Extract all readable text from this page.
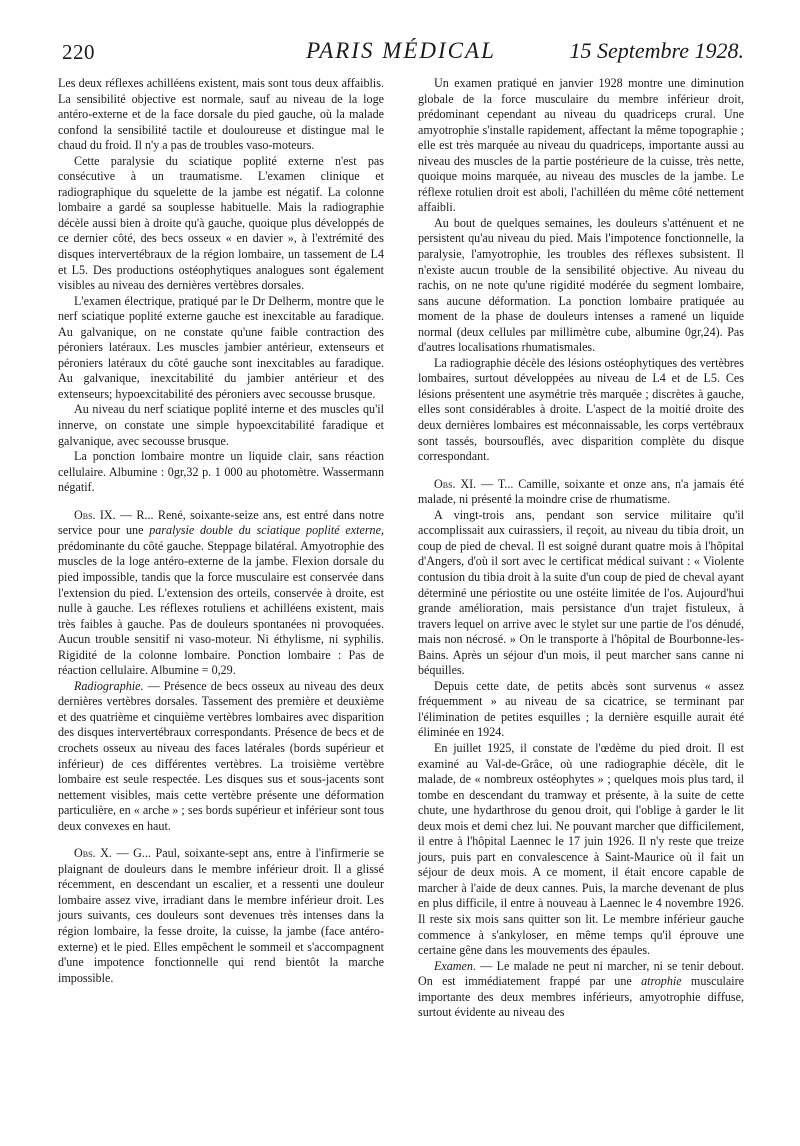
220	PARIS MÉDICAL	15 Septembre 1928.

Les deux réflexes achilléens existent, mais sont tous deux affaiblis. La sensibilité objective est normale, sauf au niveau de la loge antéro-externe et de la face dorsale du pied gauche, où la malade confond la sensibilité tactile et douloureuse et distingue mal le chaud du froid. Il n'y a pas de troubles vaso-moteurs.

Cette paralysie du sciatique poplité externe n'est pas consécutive à un traumatisme. L'examen clinique et radiographique du squelette de la jambe est négatif. La colonne lombaire a gardé sa souplesse habituelle. Mais la radiographie décèle aussi bien à droite qu'à gauche, quoique plus développés de ce dernier côté, des becs osseux « en davier », à l'extrémité des disques intervertébraux de la région lombaire, un tassement de L4 et L5. Des productions ostéophytiques analogues sont également visibles au niveau des dernières vertèbres dorsales.

L'examen électrique, pratiqué par le Dr Delherm, montre que le nerf sciatique poplité externe gauche est inexcitable au faradique. Au galvanique, on ne constate qu'une faible contraction des péroniers latéraux. Les muscles jambier antérieur, extenseurs et péroniers latéraux du côté gauche sont inexcitables au faradique. Au galvanique, inexcitabilité du jambier antérieur et des extenseurs; hypoexcitabilité des péroniers avec secousse brusque.

Au niveau du nerf sciatique poplité interne et des muscles qu'il innerve, on constate une simple hypoexcitabilité faradique et galvanique, avec secousse brusque.

La ponction lombaire montre un liquide clair, sans réaction cellulaire. Albumine : 0gr,32 p. 1 000 au photomètre. Wassermann négatif.

Obs. IX. — R... René, soixante-seize ans, est entré dans notre service pour une paralysie double du sciatique poplité externe, prédominante du côté gauche. Steppage bilatéral. Amyotrophie des muscles de la loge antéro-externe de la jambe. Flexion dorsale du pied impossible, tandis que la force musculaire est conservée dans l'extension du pied. L'extension des orteils, conservée à droite, est nulle à gauche. Les réflexes rotuliens et achilléens existent, mais très faibles à gauche. Pas de douleurs spontanées ni provoquées. Aucun trouble sensitif ni vaso-moteur. Ni éthylisme, ni syphilis. Rigidité de la colonne lombaire. Ponction lombaire : Pas de réaction cellulaire. Albumine = 0,29.

Radiographie. — Présence de becs osseux au niveau des deux dernières vertèbres dorsales. Tassement des première et deuxième et des quatrième et cinquième vertèbres lombaires avec disparition des disques intervertébraux correspondants. Présence de becs et de crochets osseux au niveau des faces latérales (bords supérieur et inférieur) de ces différentes vertèbres. La troisième vertèbre lombaire est seule respectée. Les disques sus et sous-jacents sont nettement visibles, mais cette vertèbre présente une déformation particulière, en « arche » ; ses bords supérieur et inférieur sont tous deux convexes en haut.

Obs. X. — G... Paul, soixante-sept ans, entre à l'infirmerie se plaignant de douleurs dans le membre inférieur droit. Il a glissé récemment, en descendant un escalier, et a ressenti une douleur lombaire assez vive, irradiant dans le membre inférieur droit. Les jours suivants, ces douleurs sont devenues très intenses dans la région lombaire, la fesse droite, la cuisse, la jambe (face antéro-externe) et le pied. Elles empêchent le sommeil et s'accompagnent d'une impotence fonctionnelle qui rend bientôt la marche impossible.

Un examen pratiqué en janvier 1928 montre une diminution globale de la force musculaire du membre inférieur droit, prédominant cependant au niveau du quadriceps crural. Une amyotrophie s'installe rapidement, affectant la même topographie ; elle est très marquée au niveau du quadriceps, importante aussi au niveau des muscles de la partie postérieure de la cuisse, très nette, quoique moins marquée, au niveau des muscles de la jambe. Le réflexe rotulien droit est aboli, l'achilléen du même côté nettement affaibli.

Au bout de quelques semaines, les douleurs s'atténuent et ne persistent qu'au niveau du pied. Mais l'impotence fonctionnelle, la paralysie, l'amyotrophie, les troubles des réflexes subsistent. Il n'existe aucun trouble de la sensibilité objective. Au niveau du rachis, on ne note qu'une rigidité modérée du segment lombaire, sans aucune déformation. La ponction lombaire pratiquée au moment de la phase de douleurs intenses a ramené un liquide normal (deux cellules par millimètre cube, albumine 0gr,24). Pas d'autres localisations rhumatismales.

La radiographie décèle des lésions ostéophytiques des vertèbres lombaires, surtout développées au niveau de L4 et de L5. Ces lésions présentent une asymétrie très marquée ; discrètes à gauche, elles sont considérables à droite. L'aspect de la moitié droite des deux dernières lombaires est méconnaissable, les corps vertébraux sont tassés, boursouflés, avec disparition complète du disque correspondant.

Obs. XI. — T... Camille, soixante et onze ans, n'a jamais été malade, ni présenté la moindre crise de rhumatisme.

A vingt-trois ans, pendant son service militaire qu'il accomplissait aux cuirassiers, il reçoit, au niveau du tibia droit, un coup de pied de cheval. Il est soigné durant quatre mois à l'hôpital d'Angers, d'où il sort avec le certificat médical suivant : « Violente contusion du tibia droit à la suite d'un coup de pied de cheval ayant déterminé une périostite ou une ostéite limitée de l'os. Aujourd'hui grande amélioration, mais persistance d'un trajet fistuleux, à travers lequel on arrive avec le stylet sur une partie de l'os dénudé, mais non nécrosé. » On le transporte à l'hôpital de Bourbonne-les-Bains. Après un séjour d'un mois, il peut marcher sans canne ni béquilles.

Depuis cette date, de petits abcès sont survenus « assez fréquemment » au niveau de sa cicatrice, se terminant par l'élimination de petites esquilles ; la dernière esquille aurait été éliminée en 1924.

En juillet 1925, il constate de l'œdème du pied droit. Il est examiné au Val-de-Grâce, où une radiographie décèle, dit le malade, de « nombreux ostéophytes » ; quelques mois plus tard, il tombe en descendant du tramway et présente, à la suite de cette chute, une hydarthrose du genou droit, qui l'oblige à garder le lit deux mois et demi chez lui. Ne pouvant marcher que difficilement, il entre à l'hôpital Laennec le 17 juin 1926. Il n'y reste que treize jours, puis part en convalescence à Saint-Maurice où il fait un séjour de deux mois. A ce moment, il était encore capable de marcher à l'aide de deux cannes. Puis, la marche devenant de plus en plus difficile, il entre à nouveau à Laennec le 4 novembre 1926. Il reste six mois sans quitter son lit. Le membre inférieur gauche commence à s'ankyloser, en même temps qu'il éprouve une certaine gêne dans les mouvements des épaules.

Examen. — Le malade ne peut ni marcher, ni se tenir debout. On est immédiatement frappé par une atrophie musculaire importante des deux membres inférieurs, amyotrophie diffuse, surtout évidente au niveau des
